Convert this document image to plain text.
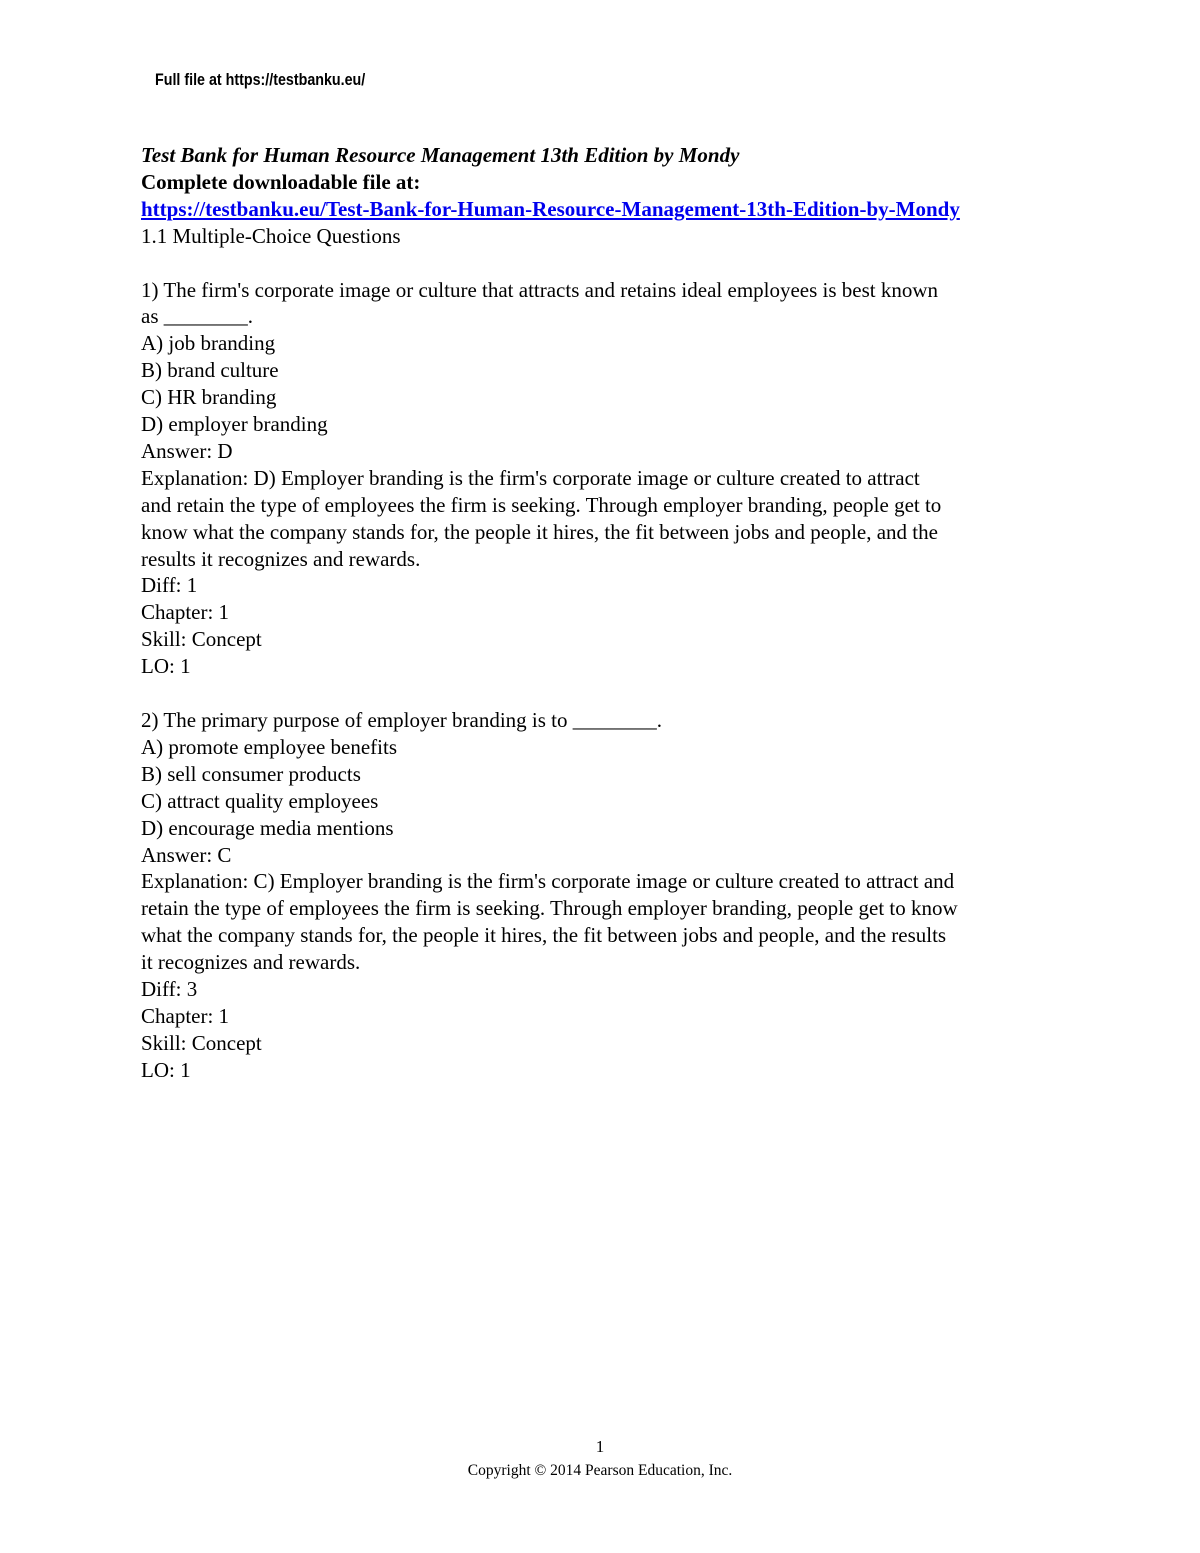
Full file at https://testbanku.eu/
Test Bank for Human Resource Management 13th Edition by Mondy
Complete downloadable file at:
https://testbanku.eu/Test-Bank-for-Human-Resource-Management-13th-Edition-by-Mondy
1.1 Multiple-Choice Questions
1) The firm's corporate image or culture that attracts and retains ideal employees is best known
as ________.
A) job branding
B) brand culture
C) HR branding
D) employer branding
Answer: D
Explanation: D) Employer branding is the firm's corporate image or culture created to attract
and retain the type of employees the firm is seeking. Through employer branding, people get to
know what the company stands for, the people it hires, the fit between jobs and people, and the
results it recognizes and rewards.
Diff: 1
Chapter: 1
Skill: Concept
LO: 1
2) The primary purpose of employer branding is to ________.
A) promote employee benefits
B) sell consumer products
C) attract quality employees
D) encourage media mentions
Answer: C
Explanation: C) Employer branding is the firm's corporate image or culture created to attract and
retain the type of employees the firm is seeking. Through employer branding, people get to know
what the company stands for, the people it hires, the fit between jobs and people, and the results
it recognizes and rewards.
Diff: 3
Chapter: 1
Skill: Concept
LO: 1
1
Copyright © 2014 Pearson Education, Inc.
